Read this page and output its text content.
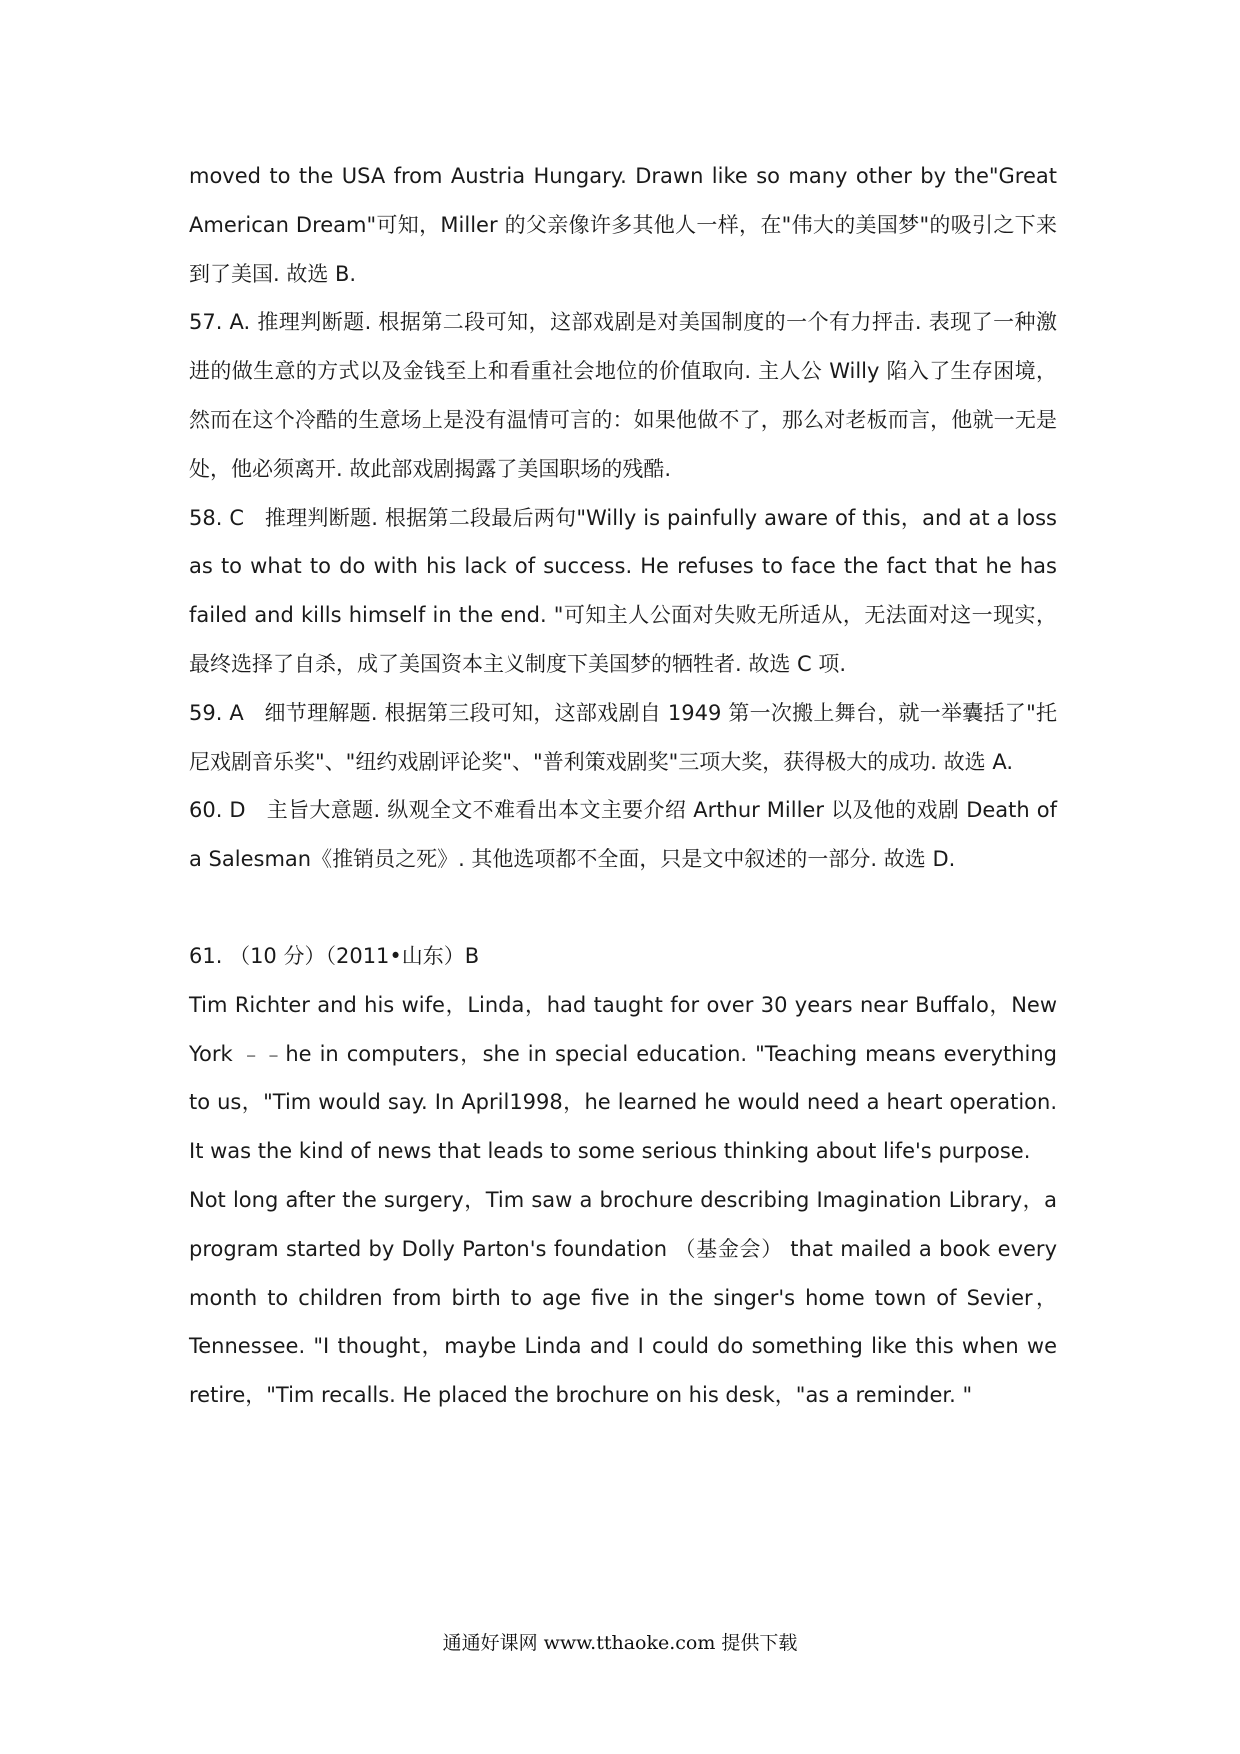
moved to the USA from Austria Hungary. Drawn like so many other by the"Great American Dream"可知，Miller 的父亲像许多其他人一样，在"伟大的美国梦"的吸引之下来到了美国. 故选 B.

57. A. 推理判断题. 根据第二段可知，这部戏剧是对美国制度的一个有力抨击. 表现了一种激进的做生意的方式以及金钱至上和看重社会地位的价值取向. 主人公 Willy 陷入了生存困境，然而在这个冷酷的生意场上是没有温情可言的：如果他做不了，那么对老板而言，他就一无是处，他必须离开. 故此部戏剧揭露了美国职场的残酷.

58. C   推理判断题. 根据第二段最后两句"Willy is painfully aware of this，and at a loss as to what to do with his lack of success. He refuses to face the fact that he has failed and kills himself in the end. "可知主人公面对失败无所适从，无法面对这一现实，最终选择了自杀，成了美国资本主义制度下美国梦的牺牲者. 故选 C 项.

59. A   细节理解题. 根据第三段可知，这部戏剧自 1949 第一次搬上舞台，就一举囊括了"托尼戏剧音乐奖"、"纽约戏剧评论奖"、"普利策戏剧奖"三项大奖，获得极大的成功. 故选 A.

60. D   主旨大意题. 纵观全文不难看出本文主要介绍 Arthur Miller 以及他的戏剧 Death of a Salesman《推销员之死》. 其他选项都不全面，只是文中叙述的一部分. 故选 D.

61. （10 分）（2011•山东）B

Tim Richter and his wife，Linda，had taught for over 30 years near Buffalo，New York ﹣﹣he in computers，she in special education. "Teaching means everything to us，"Tim would say. In April1998，he learned he would need a heart operation. It was the kind of news that leads to some serious thinking about life's purpose.

Not long after the surgery，Tim saw a brochure describing Imagination Library，a program started by Dolly Parton's foundation （基金会） that mailed a book every month to children from birth to age five in the singer's home town of Sevier，Tennessee. "I thought，maybe Linda and I could do something like this when we retire，"Tim recalls. He placed the brochure on his desk，"as a reminder. "

通通好课网 www.tthaoke.com 提供下载
